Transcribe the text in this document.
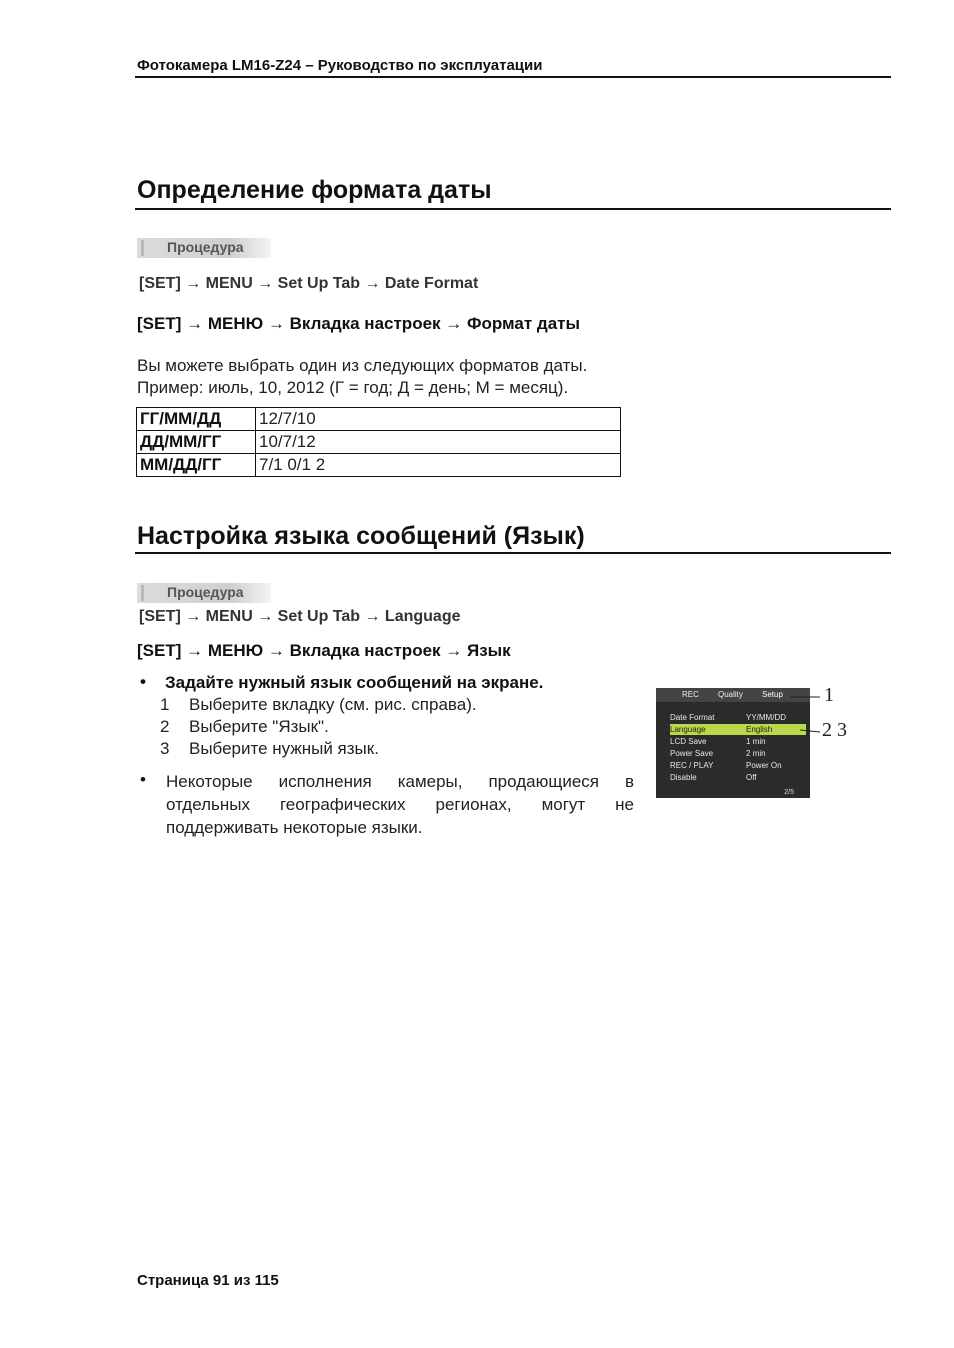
Фотокамера LM16-Z24 – Руководство по эксплуатации
Определение формата даты
Процедура
[SET] → MENU → Set Up Tab → Date Format
[SET] → МЕНЮ → Вкладка настроек → Формат даты
Вы можете выбрать один из следующих форматов даты.
Пример: июль, 10, 2012 (Г = год; Д = день; М = месяц).
ГГ/ММ/ДД	12/7/10
ДД/ММ/ГГ	10/7/12
ММ/ДД/ГГ	7/1 0/1 2
Настройка языка сообщений (Язык)
Процедура
[SET] → MENU → Set Up Tab → Language
[SET] → МЕНЮ → Вкладка настроек → Язык
• Задайте нужный язык сообщений на экране.
1 Выберите вкладку (см. рис. справа).
2 Выберите "Язык".
3 Выберите нужный язык.
• Некоторые исполнения камеры, продающиеся в отдельных географических регионах, могут не поддерживать некоторые языки.
REC Quality Setup
Date Format	YY/MM/DD
Language	English
LCD Save	1 min
Power Save	2 min
REC / PLAY	Power On
Disable	Off
2/5
1
2 3
Страница 91 из 115
